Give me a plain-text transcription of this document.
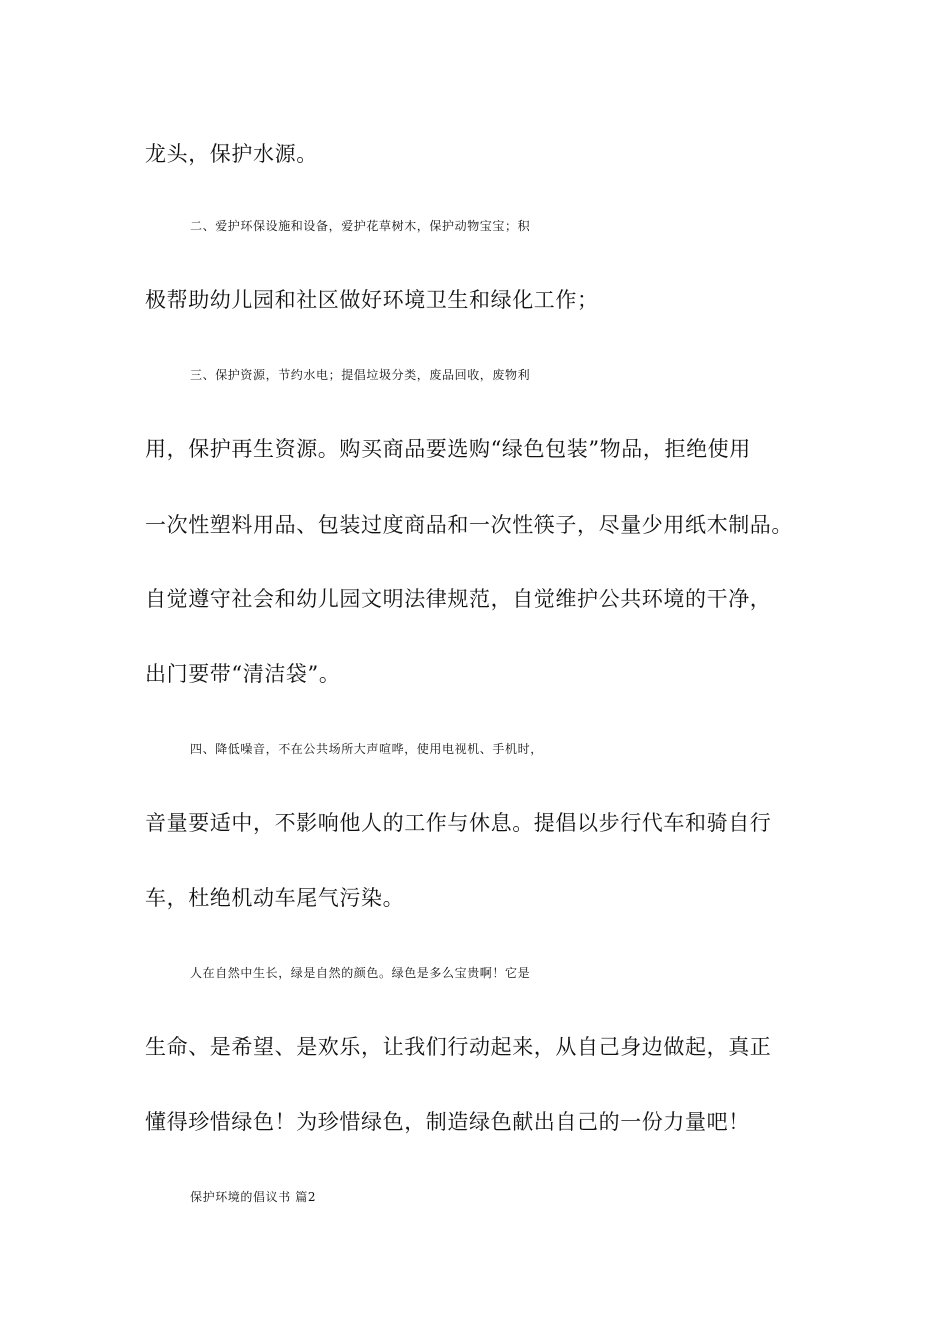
龙头，保护水源。
二、爱护环保设施和设备，爱护花草树木，保护动物宝宝；积
极帮助幼儿园和社区做好环境卫生和绿化工作；
三、保护资源，节约水电；提倡垃圾分类，废品回收，废物利
用，保护再生资源。购买商品要选购“绿色包装”物品，拒绝使用
一次性塑料用品、包装过度商品和一次性筷子，尽量少用纸木制品。
自觉遵守社会和幼儿园文明法律规范，自觉维护公共环境的干净，
出门要带“清洁袋”。
四、降低噪音，不在公共场所大声喧哗，使用电视机、手机时，
音量要适中，不影响他人的工作与休息。提倡以步行代车和骑自行
车，杜绝机动车尾气污染。
人在自然中生长，绿是自然的颜色。绿色是多么宝贵啊！它是
生命、是希望、是欢乐，让我们行动起来，从自己身边做起，真正
懂得珍惜绿色！为珍惜绿色，制造绿色献出自己的一份力量吧！
保护环境的倡议书 篇2
